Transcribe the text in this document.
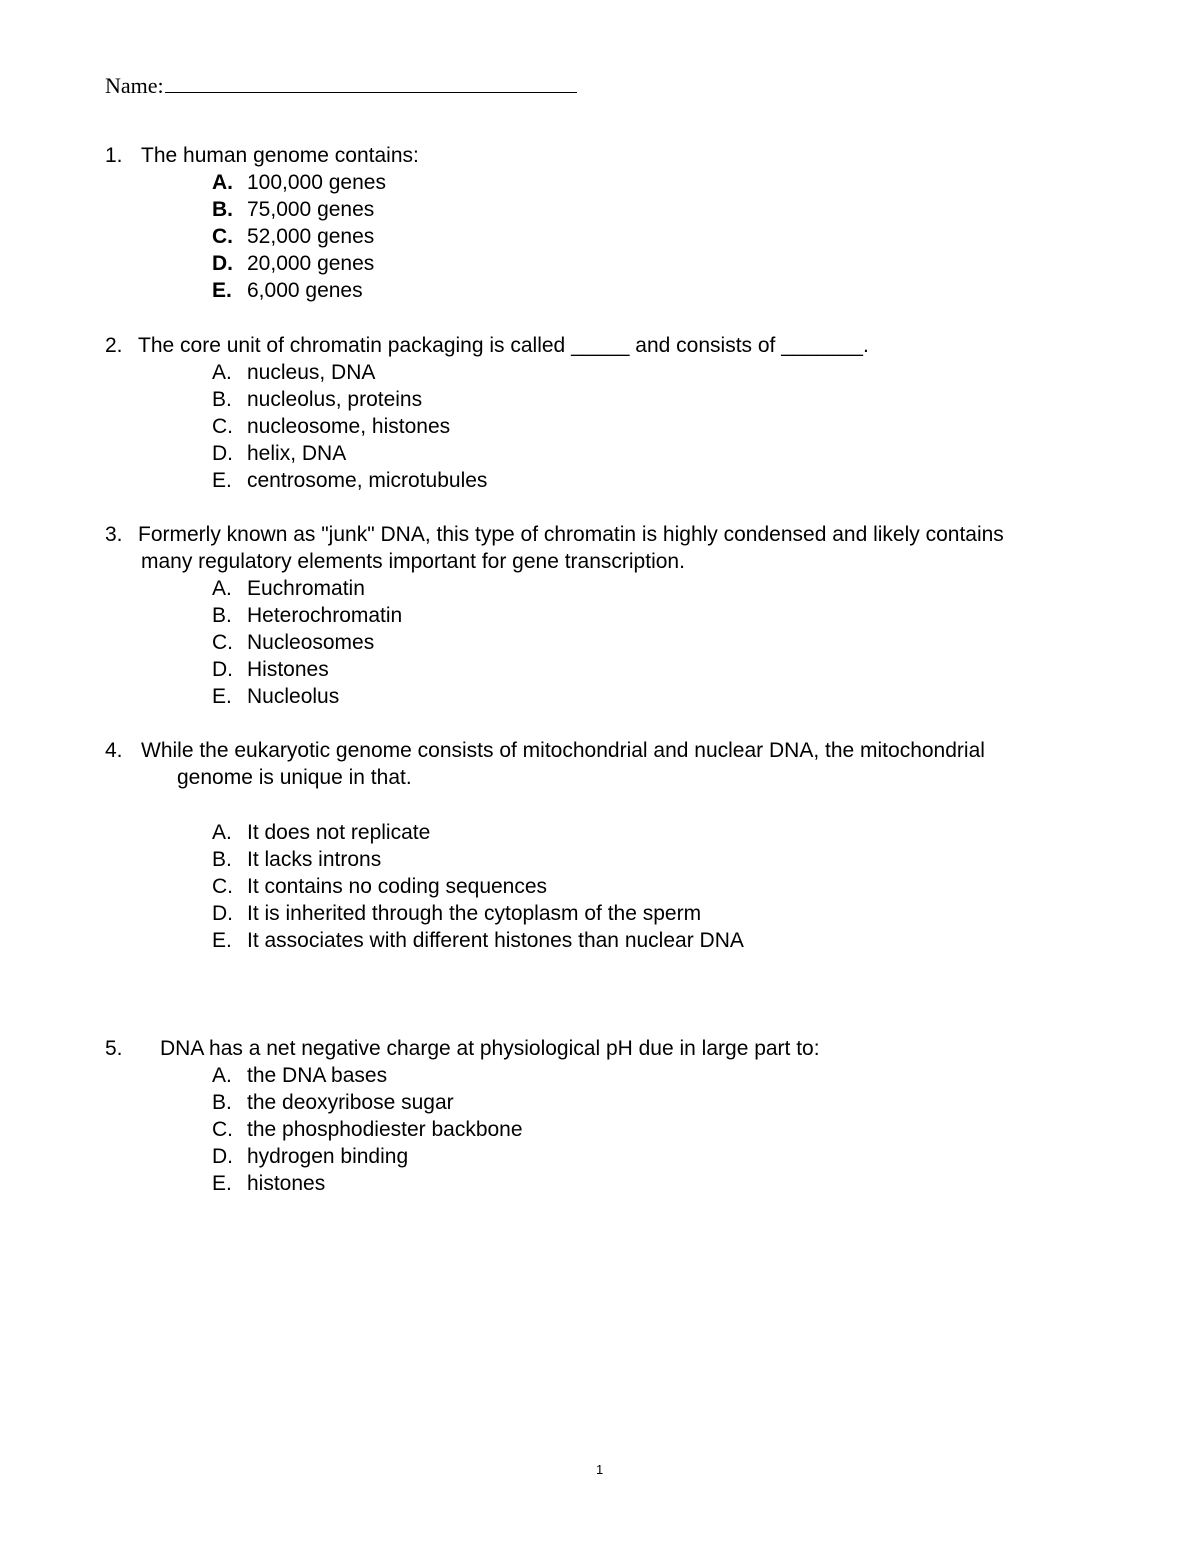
Name:
1. The human genome contains:
A. 100,000 genes
B. 75,000 genes
C. 52,000 genes
D. 20,000 genes
E. 6,000 genes
2. The core unit of chromatin packaging is called _____ and consists of _______.
A. nucleus, DNA
B. nucleolus, proteins
C. nucleosome, histones
D. helix, DNA
E. centrosome, microtubules
3. Formerly known as "junk" DNA, this type of chromatin is highly condensed and likely contains
many regulatory elements important for gene transcription.
A. Euchromatin
B. Heterochromatin
C. Nucleosomes
D. Histones
E. Nucleolus
4. While the eukaryotic genome consists of mitochondrial and nuclear DNA, the mitochondrial
genome is unique in that.
A. It does not replicate
B. It lacks introns
C. It contains no coding sequences
D. It is inherited through the cytoplasm of the sperm
E. It associates with different histones than nuclear DNA
5. DNA has a net negative charge at physiological pH due in large part to:
A. the DNA bases
B. the deoxyribose sugar
C. the phosphodiester backbone
D. hydrogen binding
E. histones
1
